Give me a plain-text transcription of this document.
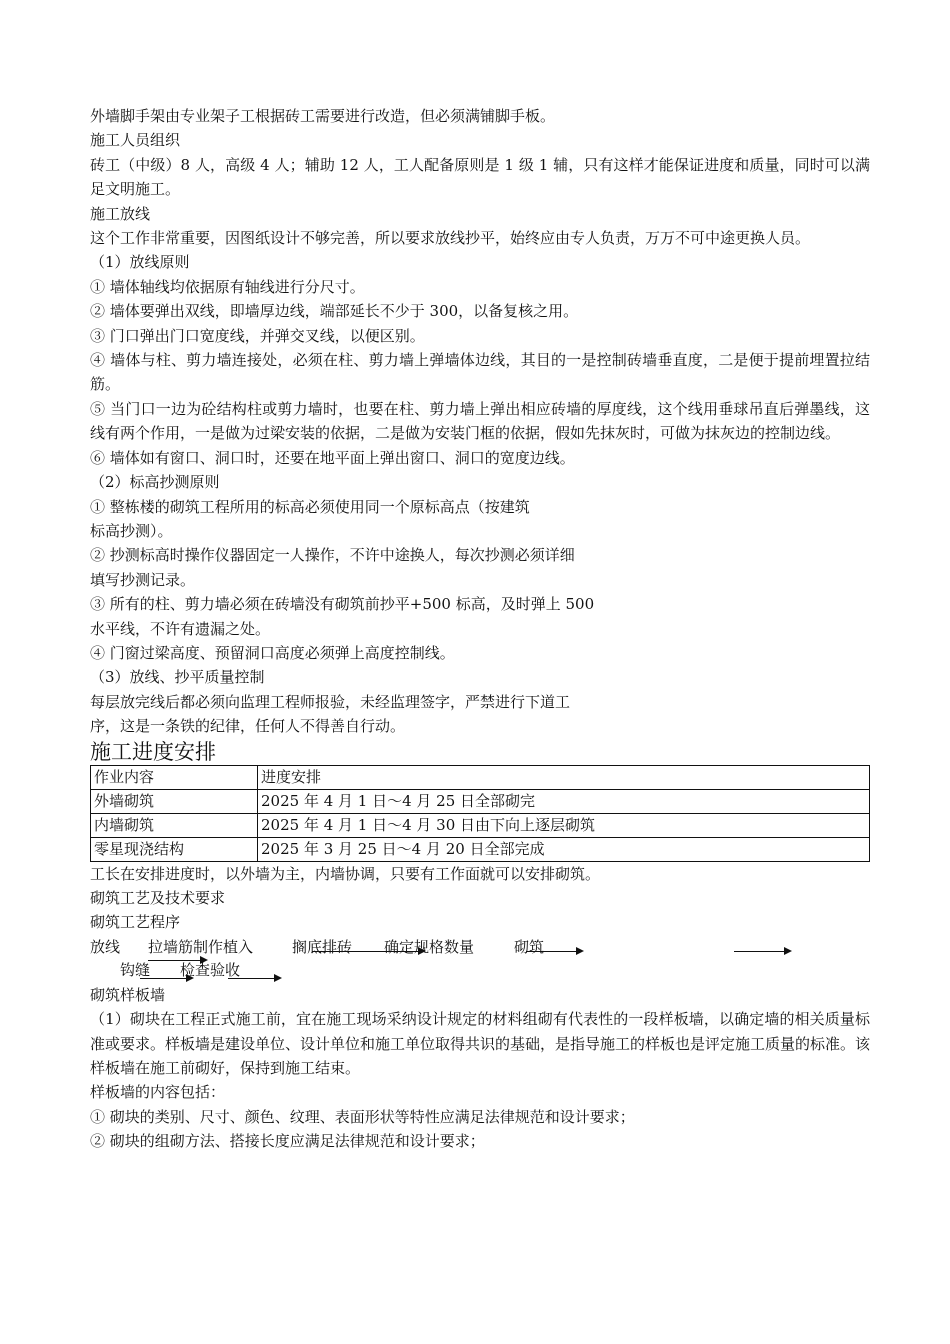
外墙脚手架由专业架子工根据砖工需要进行改造，但必须满铺脚手板。

施工人员组织

砖工（中级）8 人，高级 4 人；辅助 12 人，工人配备原则是 1 级 1 辅，只有这样才能保证进度和质量，同时可以满足文明施工。

施工放线

这个工作非常重要，因图纸设计不够完善，所以要求放线抄平，始终应由专人负责，万万不可中途更换人员。

（1）放线原则

① 墙体轴线均依据原有轴线进行分尺寸。

② 墙体要弹出双线，即墙厚边线，端部延长不少于 300，以备复核之用。

③ 门口弹出门口宽度线，并弹交叉线，以便区别。

④ 墙体与柱、剪力墙连接处，必须在柱、剪力墙上弹墙体边线，其目的一是控制砖墙垂直度，二是便于提前埋置拉结筋。

⑤ 当门口一边为砼结构柱或剪力墙时，也要在柱、剪力墙上弹出相应砖墙的厚度线，这个线用垂球吊直后弹墨线，这线有两个作用，一是做为过梁安装的依据，二是做为安装门框的依据，假如先抹灰时，可做为抹灰边的控制边线。

⑥ 墙体如有窗口、洞口时，还要在地平面上弹出窗口、洞口的宽度边线。

（2）标高抄测原则

① 整栋楼的砌筑工程所用的标高必须使用同一个原标高点（按建筑

标高抄测）。

② 抄测标高时操作仪器固定一人操作，不许中途换人，每次抄测必须详细

填写抄测记录。

③ 所有的柱、剪力墙必须在砖墙没有砌筑前抄平+500 标高，及时弹上 500

水平线，不许有遗漏之处。

④ 门窗过梁高度、预留洞口高度必须弹上高度控制线。

（3）放线、抄平质量控制

每层放完线后都必须向监理工程师报验，未经监理签字，严禁进行下道工

序，这是一条铁的纪律，任何人不得善自行动。

施工进度安排

作业内容	进度安排
外墙砌筑	2025 年 4 月 1 日～4 月 25 日全部砌完
内墙砌筑	2025 年 4 月 1 日～4 月 30 日由下向上逐层砌筑
零星现浇结构	2025 年 3 月 25 日～4 月 20 日全部完成

工长在安排进度时，以外墙为主，内墙协调，只要有工作面就可以安排砌筑。

砌筑工艺及技术要求

砌筑工艺程序

放线 拉墙筋制作植入	搁底排砖 确定规格数量	砌筑
钩缝 检查验收

砌筑样板墙

（1）砌块在工程正式施工前，宜在施工现场采纳设计规定的材料组砌有代表性的一段样板墙，以确定墙的相关质量标准或要求。样板墙是建设单位、设计单位和施工单位取得共识的基础，是指导施工的样板也是评定施工质量的标准。该样板墙在施工前砌好，保持到施工结束。

样板墙的内容包括：

① 砌块的类别、尺寸、颜色、纹理、表面形状等特性应满足法律规范和设计要求；

② 砌块的组砌方法、搭接长度应满足法律规范和设计要求；
